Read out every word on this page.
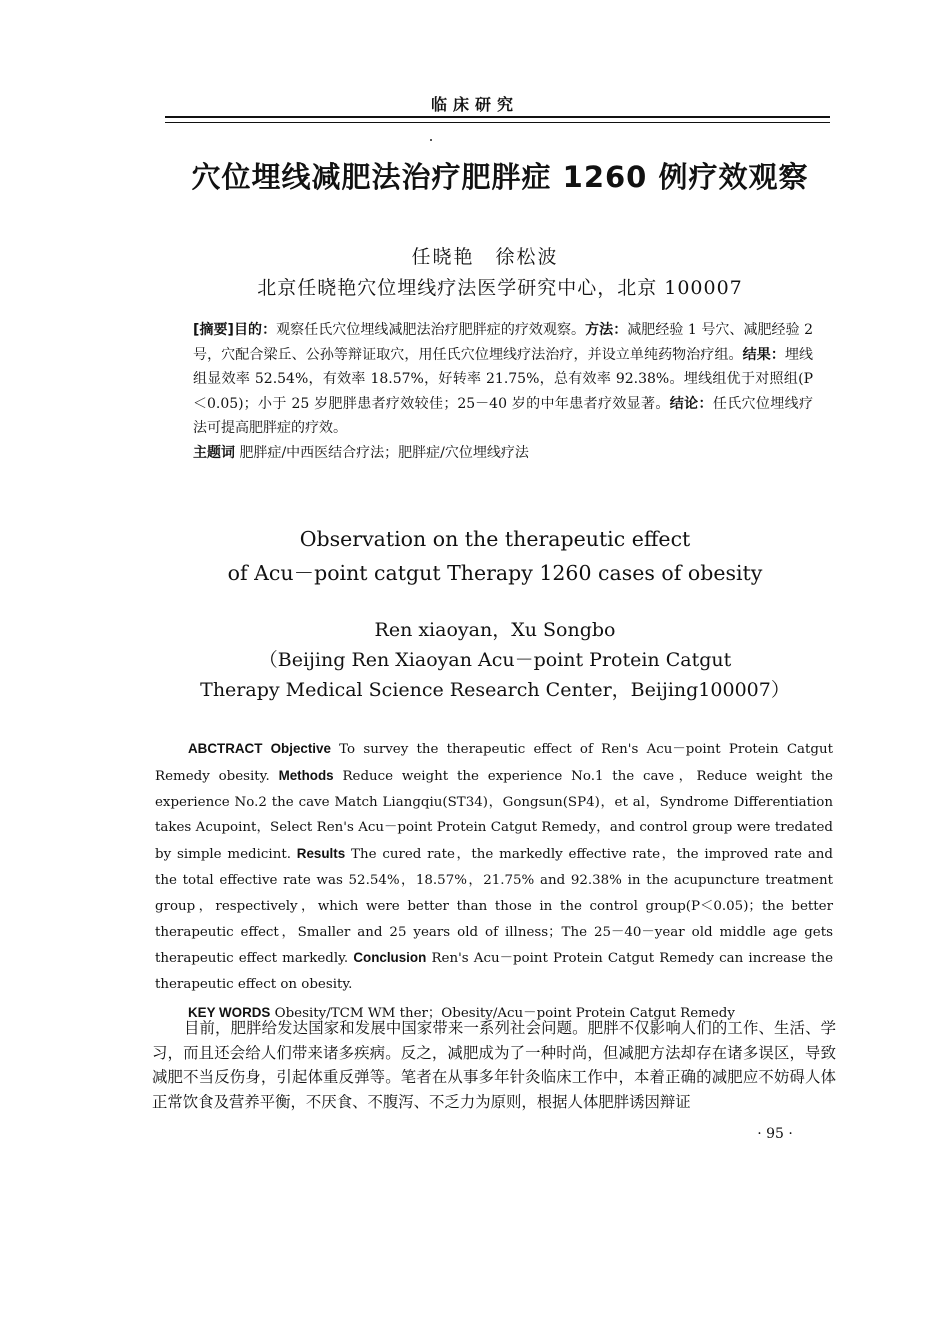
临床研究
穴位埋线减肥法治疗肥胖症 1260 例疗效观察
任晓艳　徐松波
北京任晓艳穴位埋线疗法医学研究中心，北京 100007
[摘要]目的：观察任氏穴位埋线减肥法治疗肥胖症的疗效观察。方法：减肥经验 1 号穴、减肥经验 2 号，穴配合梁丘、公孙等辩证取穴，用任氏穴位埋线疗法治疗，并设立单纯药物治疗组。结果：埋线组显效率 52.54%，有效率 18.57%，好转率 21.75%，总有效率 92.38%。埋线组优于对照组(P＜0.05)；小于 25 岁肥胖患者疗效较佳；25－40 岁的中年患者疗效显著。结论：任氏穴位埋线疗法可提高肥胖症的疗效。
主题词 肥胖症/中西医结合疗法；肥胖症/穴位埋线疗法
Observation on the therapeutic effect
of Acu－point catgut Therapy 1260 cases of obesity
Ren xiaoyan，Xu Songbo
（Beijing Ren Xiaoyan Acu－point Protein Catgut
Therapy Medical Science Research Center，Beijing100007）

ABCTRACT Objective To survey the therapeutic effect of Ren's Acu－point Protein Catgut Remedy obesity. Methods Reduce weight the experience No.1 the cave，Reduce weight the experience No.2 the cave Match Liangqiu(ST34)，Gongsun(SP4)，et al，Syndrome Differentiation takes Acupoint，Select Ren's Acu－point Protein Catgut Remedy，and control group were tredated by simple medicint. Results The cured rate，the markedly effective rate，the improved rate and the total effective rate was 52.54%，18.57%，21.75% and 92.38% in the acupuncture treatment group，respectively，which were better than those in the control group(P＜0.05)；the better therapeutic effect，Smaller and 25 years old of illness；The 25－40－year old middle age gets therapeutic effect markedly. Conclusion Ren's Acu－point Protein Catgut Remedy can increase the therapeutic effect on obesity.

KEY WORDS Obesity/TCM WM ther；Obesity/Acu－point Protein Catgut Remedy

目前，肥胖给发达国家和发展中国家带来一系列社会问题。肥胖不仅影响人们的工作、生活、学习，而且还会给人们带来诸多疾病。反之，减肥成为了一种时尚，但减肥方法却存在诸多误区，导致减肥不当反伤身，引起体重反弹等。笔者在从事多年针灸临床工作中，本着正确的减肥应不妨碍人体正常饮食及营养平衡，不厌食、不腹泻、不乏力为原则，根据人体肥胖诱因辩证

· 95 ·
